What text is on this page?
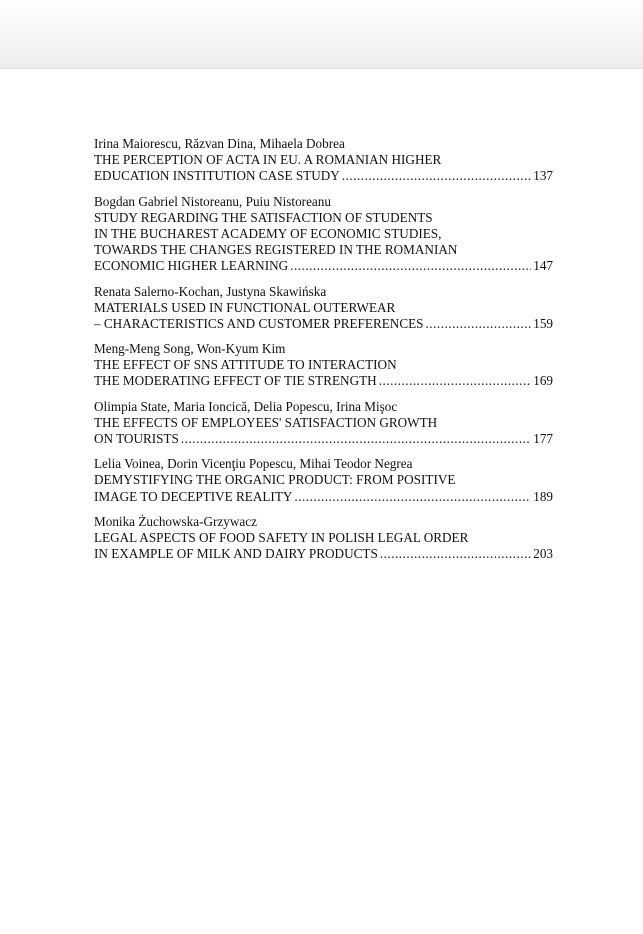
Irina Maiorescu, Răzvan Dina, Mihaela Dobrea
THE PERCEPTION OF ACTA IN EU. A ROMANIAN HIGHER
EDUCATION INSTITUTION CASE STUDY .....	137
Bogdan Gabriel Nistoreanu, Puiu Nistoreanu
STUDY REGARDING THE SATISFACTION OF STUDENTS
IN THE BUCHAREST ACADEMY OF ECONOMIC STUDIES,
TOWARDS THE CHANGES REGISTERED IN THE ROMANIAN
ECONOMIC HIGHER LEARNING .....	147
Renata Salerno-Kochan, Justyna Skawińska
MATERIALS USED IN FUNCTIONAL OUTERWEAR
– CHARACTERISTICS AND CUSTOMER PREFERENCES .....	159
Meng-Meng Song, Won-Kyum Kim
THE EFFECT OF SNS ATTITUDE TO INTERACTION
THE MODERATING EFFECT OF TIE STRENGTH .....	169
Olimpia State, Maria Ioncică, Delia Popescu, Irina Mişoc
THE EFFECTS OF EMPLOYEES' SATISFACTION GROWTH
ON TOURISTS .....	177
Lelia Voinea, Dorin Vicenţiu Popescu, Mihai Teodor Negrea
DEMYSTIFYING THE ORGANIC PRODUCT: FROM POSITIVE
IMAGE TO DECEPTIVE REALITY .....	189
Monika Żuchowska-Grzywacz
LEGAL ASPECTS OF FOOD SAFETY IN POLISH LEGAL ORDER
IN EXAMPLE OF MILK AND DAIRY PRODUCTS .....	203
